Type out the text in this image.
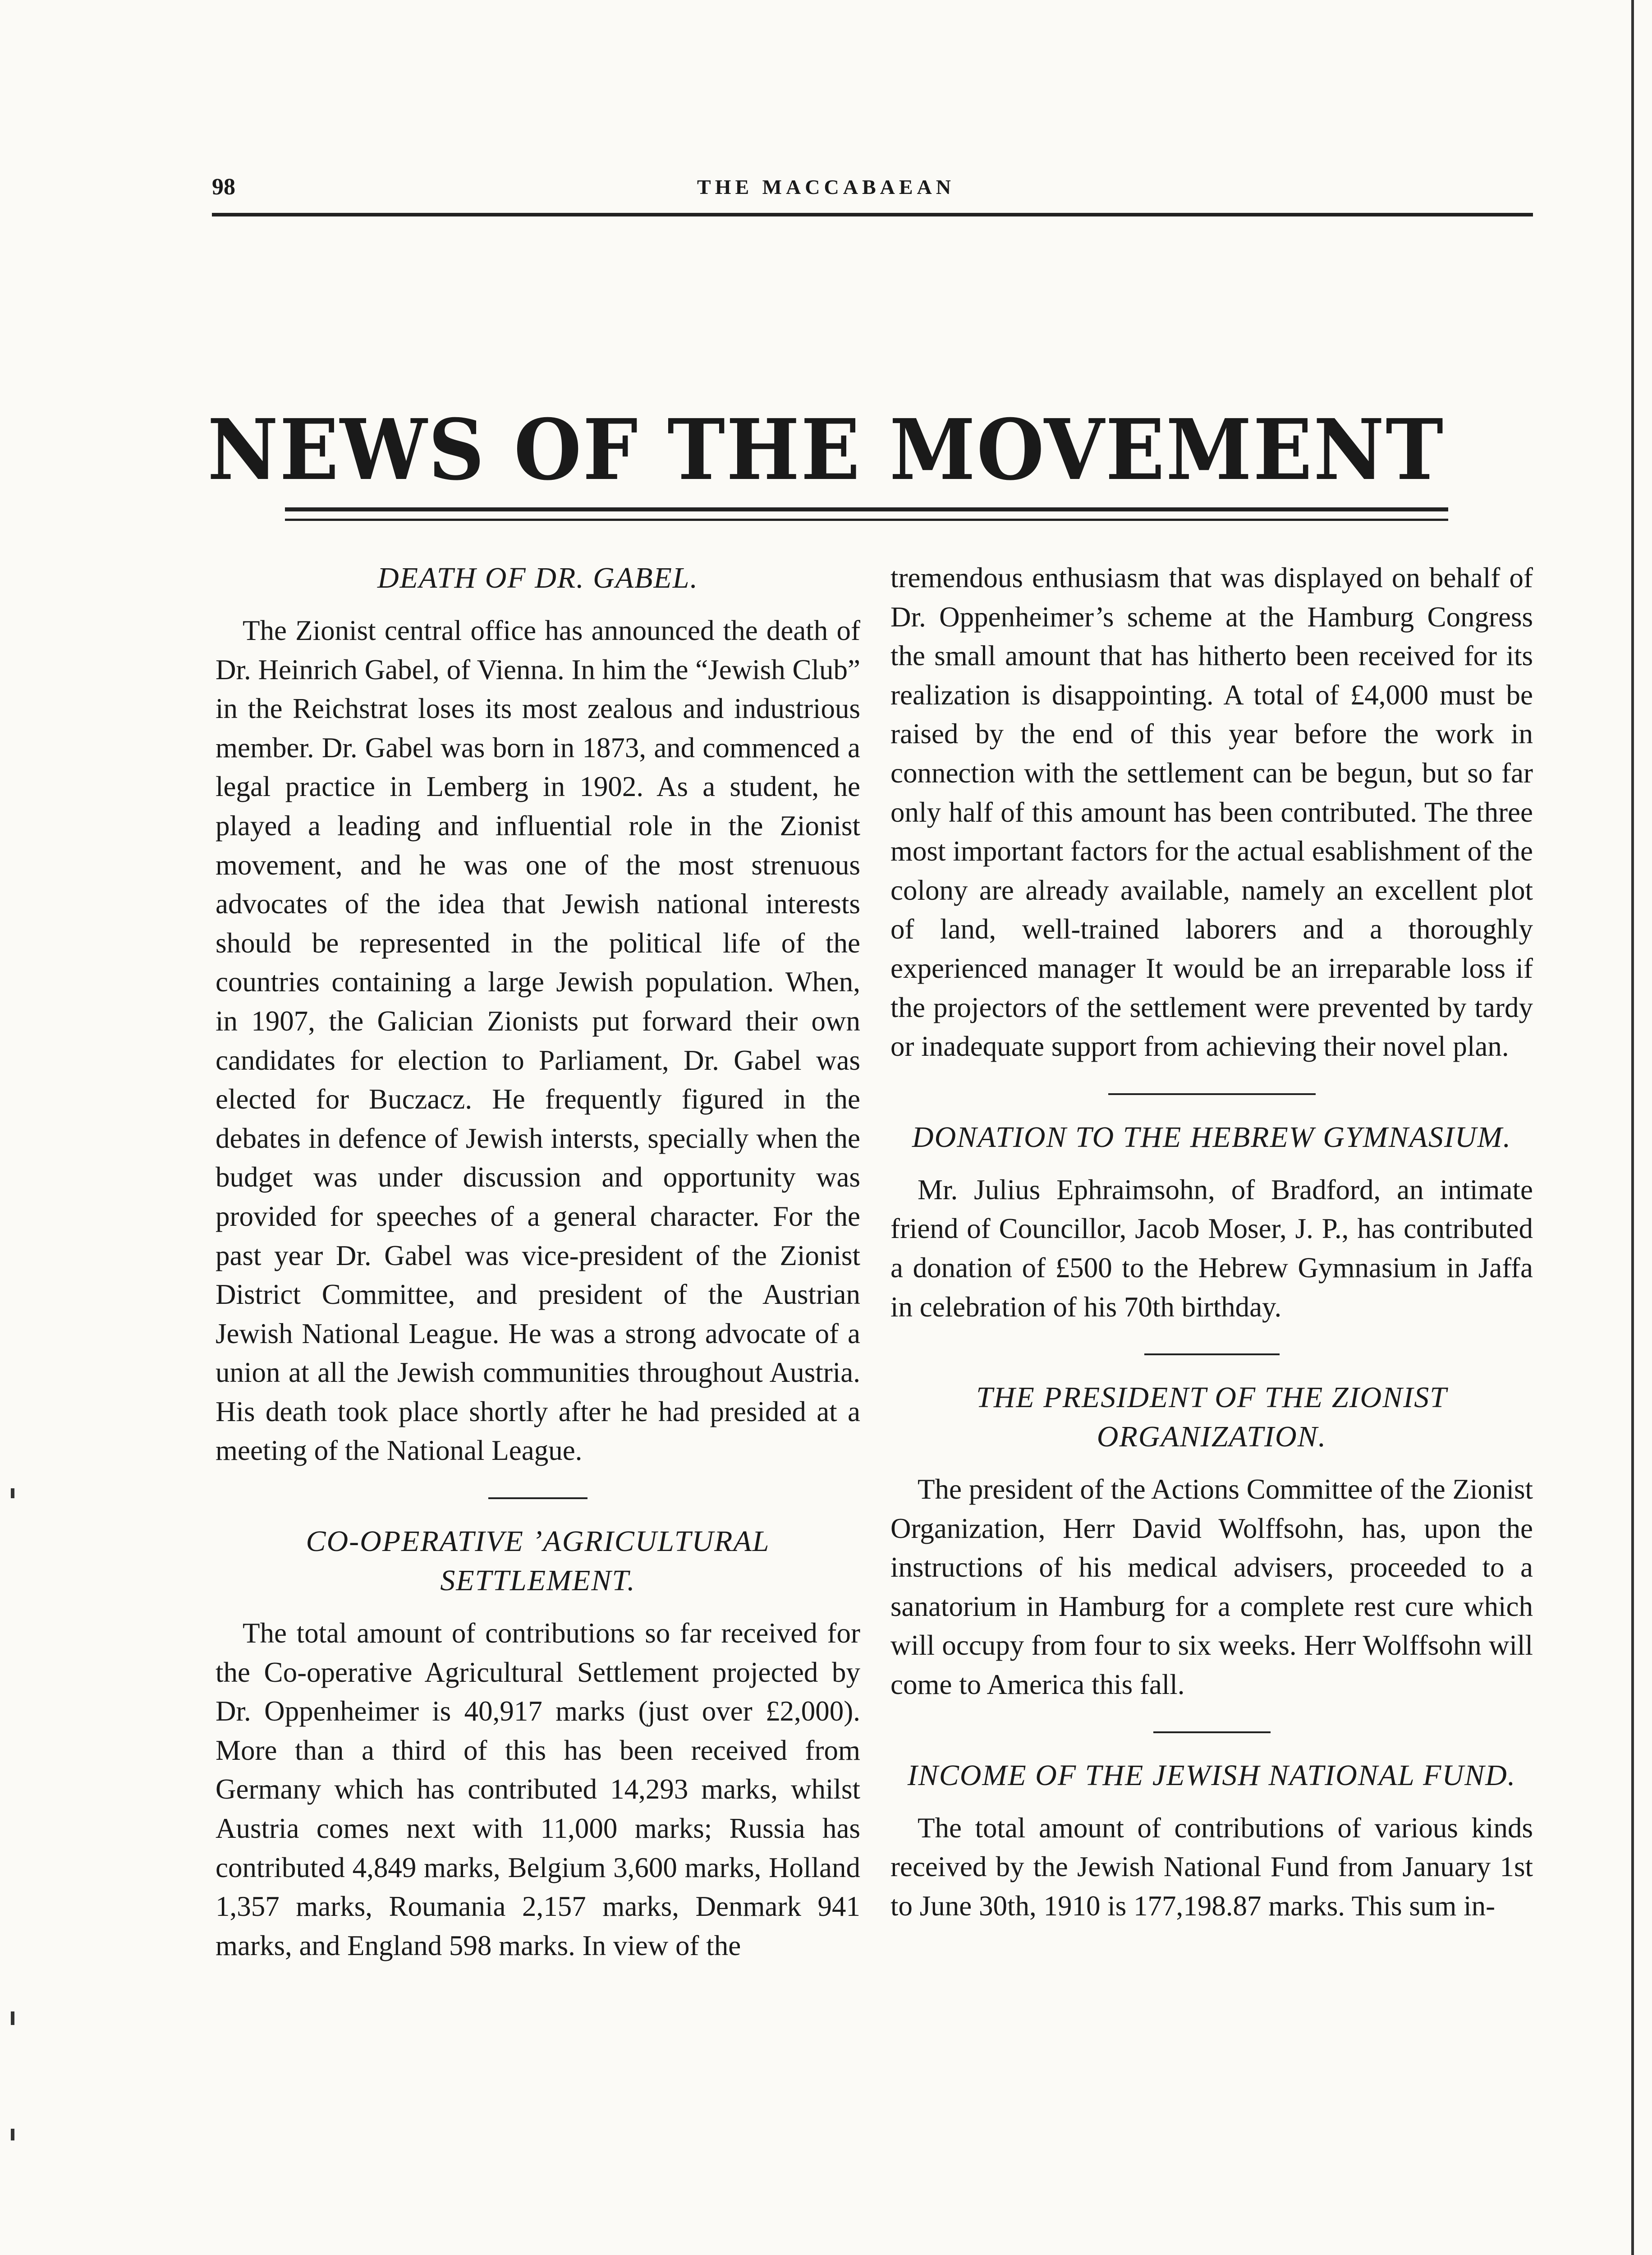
98	THE MACCABAEAN
NEWS OF THE MOVEMENT
DEATH OF DR. GABEL.

The Zionist central office has announced the death of Dr. Heinrich Gabel, of Vienna. In him the “Jewish Club” in the Reichstrat loses its most zealous and industrious member. Dr. Gabel was born in 1873, and commenced a legal practice in Lemberg in 1902. As a student, he played a leading and influential role in the Zionist movement, and he was one of the most strenuous advocates of the idea that Jewish national interests should be represented in the political life of the countries containing a large Jewish population. When, in 1907, the Galician Zionists put forward their own candidates for election to Parliament, Dr. Gabel was elected for Buczacz. He frequently figured in the debates in defence of Jewish intersts, specially when the budget was under discussion and opportunity was provided for speeches of a general character. For the past year Dr. Gabel was vice-president of the Zionist District Committee, and president of the Austrian Jewish National League. He was a strong advocate of a union at all the Jewish communities throughout Austria. His death took place shortly after he had presided at a meeting of the National League.

CO-OPERATIVE ’AGRICULTURAL SETTLEMENT.

The total amount of contributions so far received for the Co-operative Agricultural Settlement projected by Dr. Oppenheimer is 40,917 marks (just over £2,000). More than a third of this has been received from Germany which has contributed 14,293 marks, whilst Austria comes next with 11,000 marks; Russia has contributed 4,849 marks, Belgium 3,600 marks, Holland 1,357 marks, Roumania 2,157 marks, Denmark 941 marks, and England 598 marks. In view of the

tremendous enthusiasm that was displayed on behalf of Dr. Oppenheimer’s scheme at the Hamburg Congress the small amount that has hitherto been received for its realization is disappointing. A total of £4,000 must be raised by the end of this year before the work in connection with the settlement can be begun, but so far only half of this amount has been contributed. The three most important factors for the actual esablishment of the colony are already available, namely an excellent plot of land, well-trained laborers and a thoroughly experienced manager It would be an irreparable loss if the projectors of the settlement were prevented by tardy or inadequate support from achieving their novel plan.

DONATION TO THE HEBREW GYMNASIUM.

Mr. Julius Ephraimsohn, of Bradford, an intimate friend of Councillor, Jacob Moser, J. P., has contributed a donation of £500 to the Hebrew Gymnasium in Jaffa in celebration of his 70th birthday.

THE PRESIDENT OF THE ZIONIST ORGANIZATION.

The president of the Actions Committee of the Zionist Organization, Herr David Wolffsohn, has, upon the instructions of his medical advisers, proceeded to a sanatorium in Hamburg for a complete rest cure which will occupy from four to six weeks. Herr Wolffsohn will come to America this fall.

INCOME OF THE JEWISH NATIONAL FUND.

The total amount of contributions of various kinds received by the Jewish National Fund from January 1st to June 30th, 1910 is 177,198.87 marks. This sum in-
